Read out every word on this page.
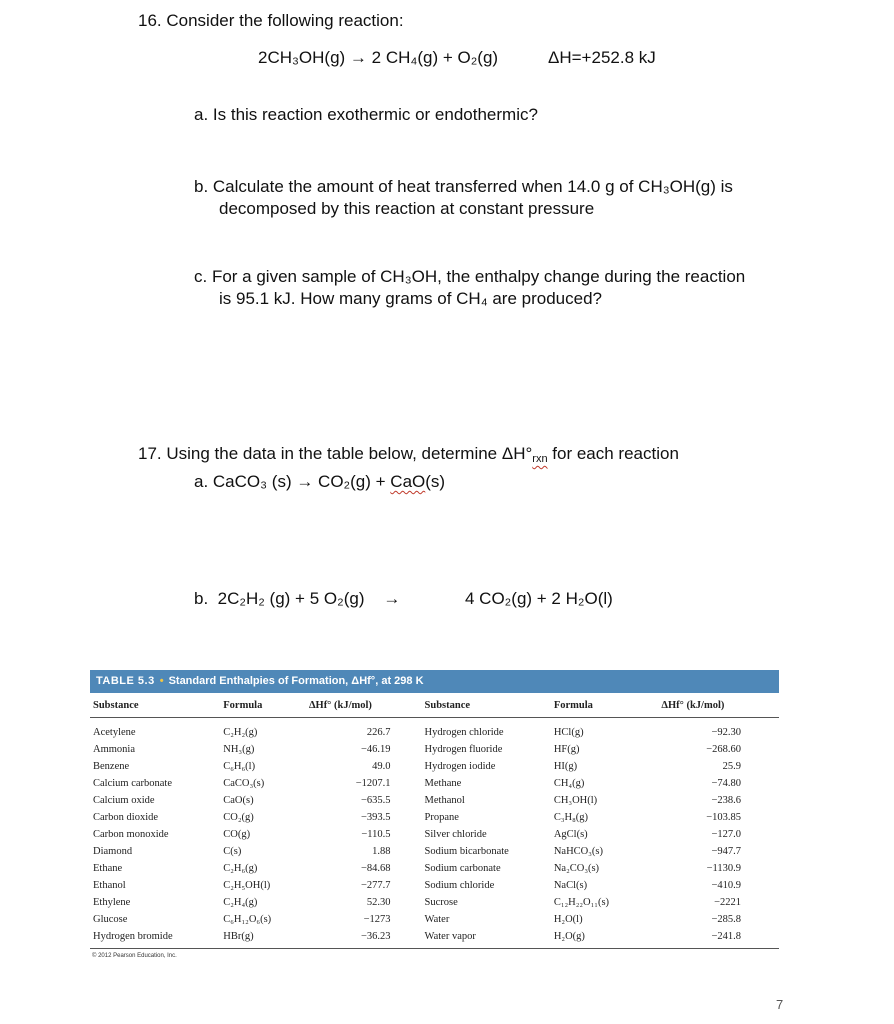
16. Consider the following reaction:
2CH₃OH(g) → 2 CH₄(g) + O₂(g)	ΔH=+252.8 kJ
a. Is this reaction exothermic or endothermic?
b. Calculate the amount of heat transferred when 14.0 g of CH₃OH(g) is
decomposed by this reaction at constant pressure
c. For a given sample of CH₃OH, the enthalpy change during the reaction
is 95.1 kJ. How many grams of CH₄ are produced?
17. Using the data in the table below, determine $\Delta H^\circ_{rxn}$ for each reaction
a. CaCO₃ (s) → CO₂(g) + CaO(s)
b.  2C₂H₂ (g) + 5 O₂(g)    →	4 CO₂(g) + 2 H₂O(l)
TABLE 5.3 • Standard Enthalpies of Formation, ΔHf°, at 298 K
Substance	Formula	ΔHf° (kJ/mol)	Substance	Formula	ΔHf° (kJ/mol)
Acetylene	C₂H₂(g)	226.7	Hydrogen chloride	HCl(g)	−92.30
Ammonia	NH₃(g)	−46.19	Hydrogen fluoride	HF(g)	−268.60
Benzene	C₆H₆(l)	49.0	Hydrogen iodide	HI(g)	25.9
Calcium carbonate	CaCO₃(s)	−1207.1	Methane	CH₄(g)	−74.80
Calcium oxide	CaO(s)	−635.5	Methanol	CH₃OH(l)	−238.6
Carbon dioxide	CO₂(g)	−393.5	Propane	C₃H₈(g)	−103.85
Carbon monoxide	CO(g)	−110.5	Silver chloride	AgCl(s)	−127.0
Diamond	C(s)	1.88	Sodium bicarbonate	NaHCO₃(s)	−947.7
Ethane	C₂H₆(g)	−84.68	Sodium carbonate	Na₂CO₃(s)	−1130.9
Ethanol	C₂H₅OH(l)	−277.7	Sodium chloride	NaCl(s)	−410.9
Ethylene	C₂H₄(g)	52.30	Sucrose	C₁₂H₂₂O₁₁(s)	−2221
Glucose	C₆H₁₂O₆(s)	−1273	Water	H₂O(l)	−285.8
Hydrogen bromide	HBr(g)	−36.23	Water vapor	H₂O(g)	−241.8
© 2012 Pearson Education, Inc.
7
